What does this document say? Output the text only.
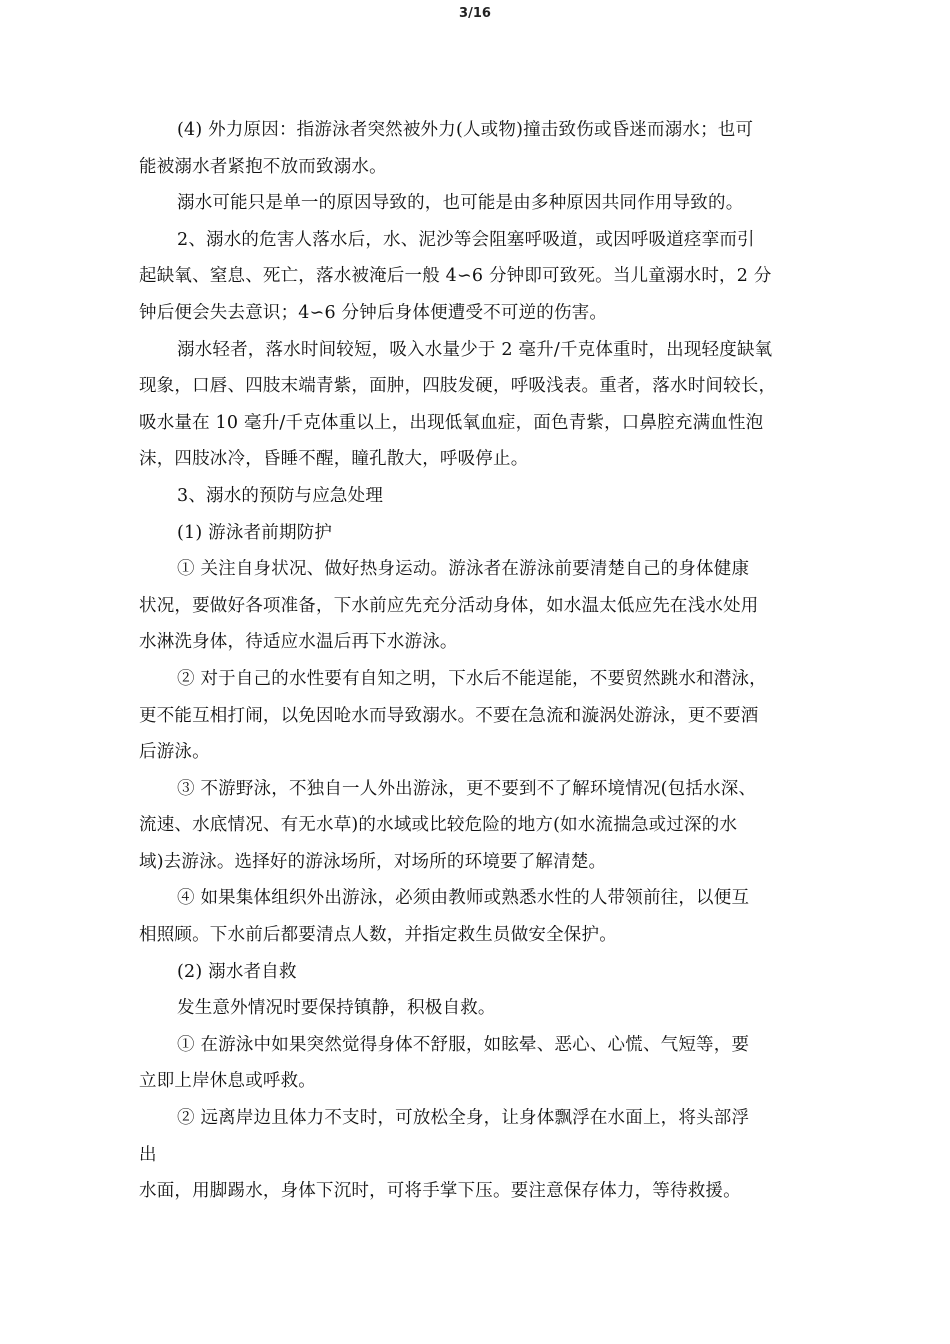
3/16
(4) 外力原因：指游泳者突然被外力(人或物)撞击致伤或昏迷而溺水；也可
能被溺水者紧抱不放而致溺水。
溺水可能只是单一的原因导致的，也可能是由多种原因共同作用导致的。
2、溺水的危害人落水后，水、泥沙等会阻塞呼吸道，或因呼吸道痉挛而引
起缺氧、窒息、死亡，落水被淹后一般 4∽6 分钟即可致死。当儿童溺水时，2 分
钟后便会失去意识；4∽6 分钟后身体便遭受不可逆的伤害。
溺水轻者，落水时间较短，吸入水量少于 2 毫升/千克体重时，出现轻度缺氧
现象，口唇、四肢末端青紫，面肿，四肢发硬，呼吸浅表。重者，落水时间较长，
吸水量在 10 毫升/千克体重以上，出现低氧血症，面色青紫，口鼻腔充满血性泡
沫，四肢冰冷，昏睡不醒，瞳孔散大，呼吸停止。
3、溺水的预防与应急处理
(1) 游泳者前期防护
① 关注自身状况、做好热身运动。游泳者在游泳前要清楚自己的身体健康
状况，要做好各项准备，下水前应先充分活动身体，如水温太低应先在浅水处用
水淋洗身体，待适应水温后再下水游泳。
② 对于自己的水性要有自知之明，下水后不能逞能，不要贸然跳水和潜泳，
更不能互相打闹，以免因呛水而导致溺水。不要在急流和漩涡处游泳，更不要酒
后游泳。
③ 不游野泳，不独自一人外出游泳，更不要到不了解环境情况(包括水深、
流速、水底情况、有无水草)的水域或比较危险的地方(如水流揣急或过深的水
域)去游泳。选择好的游泳场所，对场所的环境要了解清楚。
④ 如果集体组织外出游泳，必须由教师或熟悉水性的人带领前往，以便互
相照顾。下水前后都要清点人数，并指定救生员做安全保护。
(2) 溺水者自救
发生意外情况时要保持镇静，积极自救。
① 在游泳中如果突然觉得身体不舒服，如眩晕、恶心、心慌、气短等，要
立即上岸休息或呼救。
② 远离岸边且体力不支时，可放松全身，让身体飘浮在水面上，将头部浮
出
水面，用脚踢水，身体下沉时，可将手掌下压。要注意保存体力，等待救援。
